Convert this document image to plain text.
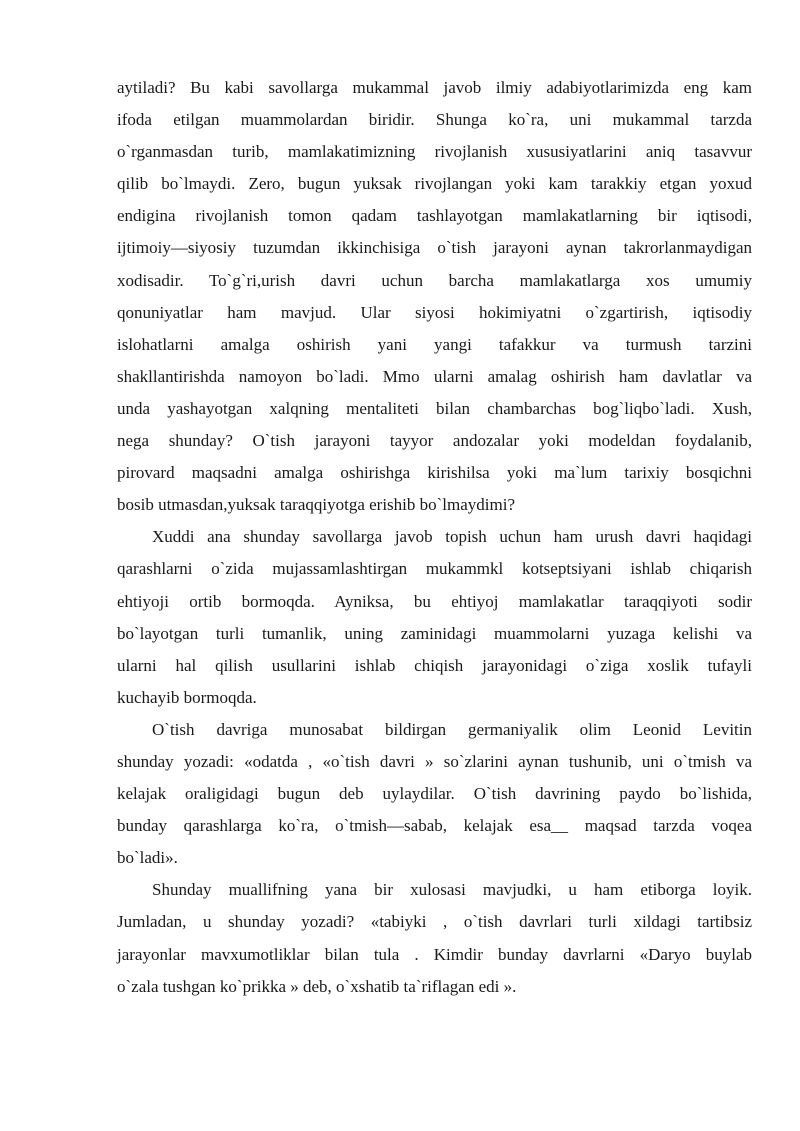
aytiladi? Bu kabi savollarga mukammal javob ilmiy adabiyotlarimizda eng kam
ifoda etilgan muammolardan biridir. Shunga ko`ra, uni mukammal tarzda
o`rganmasdan turib, mamlakatimizning rivojlanish xususiyatlarini aniq tasavvur
qilib bo`lmaydi. Zero, bugun yuksak rivojlangan yoki kam tarakkiy etgan yoxud
endigina rivojlanish tomon qadam tashlayotgan mamlakatlarning bir iqtisodi,
ijtimoiy—siyosiy tuzumdan ikkinchisiga o`tish jarayoni aynan takrorlanmaydigan
xodisadir. To`g`ri,urish davri uchun barcha mamlakatlarga xos umumiy
qonuniyatlar ham mavjud. Ular siyosi hokimiyatni o`zgartirish, iqtisodiy
islohatlarni amalga oshirish yani yangi tafakkur va turmush tarzini
shakllantirishda namoyon bo`ladi. Mmo ularni amalag oshirish ham davlatlar va
unda yashayotgan xalqning mentaliteti bilan chambarchas bog`liqbo`ladi. Xush,
nega shunday? O`tish jarayoni tayyor andozalar yoki modeldan foydalanib,
pirovard maqsadni amalga oshirishga kirishilsa yoki ma`lum tarixiy bosqichni
bosib utmasdan,yuksak taraqqiyotga erishib bo`lmaydimi?
Xuddi ana shunday savollarga javob topish uchun ham urush davri haqidagi
qarashlarni o`zida mujassamlashtirgan mukammkl kotseptsiyani ishlab chiqarish
ehtiyoji ortib bormoqda. Ayniksa, bu ehtiyoj mamlakatlar taraqqiyoti sodir
bo`layotgan turli tumanlik, uning zaminidagi muammolarni yuzaga kelishi va
ularni hal qilish usullarini ishlab chiqish jarayonidagi o`ziga xoslik tufayli
kuchayib bormoqda.
O`tish davriga munosabat bildirgan germaniyalik olim Leonid Levitin
shunday yozadi: «odatda , «o`tish davri » so`zlarini aynan tushunib, uni o`tmish va
kelajak oraligidagi bugun deb uylaydilar. O`tish davrining paydo bo`lishida,
bunday qarashlarga ko`ra, o`tmish—sabab, kelajak esa__ maqsad tarzda voqea
bo`ladi».
Shunday muallifning yana bir xulosasi mavjudki, u ham etiborga loyik.
Jumladan, u shunday yozadi? «tabiyki , o`tish davrlari turli xildagi tartibsiz
jarayonlar mavxumotliklar bilan tula . Kimdir bunday davrlarni «Daryo buylab
o`zala tushgan ko`prikka » deb, o`xshatib ta`riflagan edi ».
